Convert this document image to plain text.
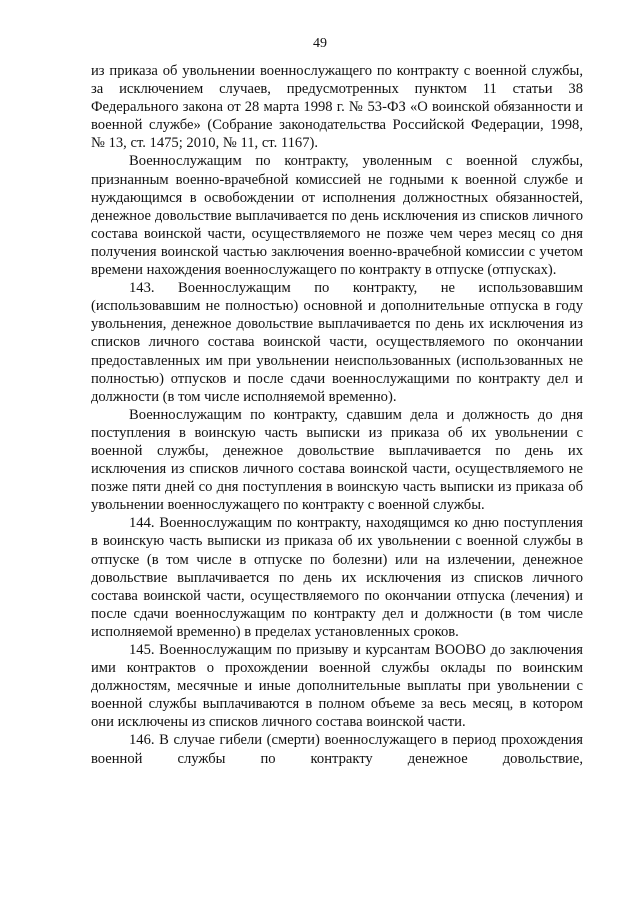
49

из приказа об увольнении военнослужащего по контракту с военной службы, за исключением случаев, предусмотренных пунктом 11 статьи 38 Федерального закона от 28 марта 1998 г. № 53-ФЗ «О воинской обязанности и военной службе» (Собрание законодательства Российской Федерации, 1998, № 13, ст. 1475; 2010, № 11, ст. 1167).

Военнослужащим по контракту, уволенным с военной службы, признанным военно-врачебной комиссией не годными к военной службе и нуждающимся в освобождении от исполнения должностных обязанностей, денежное довольствие выплачивается по день исключения из списков личного состава воинской части, осуществляемого не позже чем через месяц со дня получения воинской частью заключения военно-врачебной комиссии с учетом времени нахождения военнослужащего по контракту в отпуске (отпусках).

143. Военнослужащим по контракту, не использовавшим (использовавшим не полностью) основной и дополнительные отпуска в году увольнения, денежное довольствие выплачивается по день их исключения из списков личного состава воинской части, осуществляемого по окончании предоставленных им при увольнении неиспользованных (использованных не полностью) отпусков и после сдачи военнослужащими по контракту дел и должности (в том числе исполняемой временно).

Военнослужащим по контракту, сдавшим дела и должность до дня поступления в воинскую часть выписки из приказа об их увольнении с военной службы, денежное довольствие выплачивается по день их исключения из списков личного состава воинской части, осуществляемого не позже пяти дней со дня поступления в воинскую часть выписки из приказа об увольнении военнослужащего по контракту с военной службы.

144. Военнослужащим по контракту, находящимся ко дню поступления в воинскую часть выписки из приказа об их увольнении с военной службы в отпуске (в том числе в отпуске по болезни) или на излечении, денежное довольствие выплачивается по день их исключения из списков личного состава воинской части, осуществляемого по окончании отпуска (лечения) и после сдачи военнослужащим по контракту дел и должности (в том числе исполняемой временно) в пределах установленных сроков.

145. Военнослужащим по призыву и курсантам ВООВО до заключения ими контрактов о прохождении военной службы оклады по воинским должностям, месячные и иные дополнительные выплаты при увольнении с военной службы выплачиваются в полном объеме за весь месяц, в котором они исключены из списков личного состава воинской части.

146. В случае гибели (смерти) военнослужащего в период прохождения военной службы по контракту денежное довольствие,
